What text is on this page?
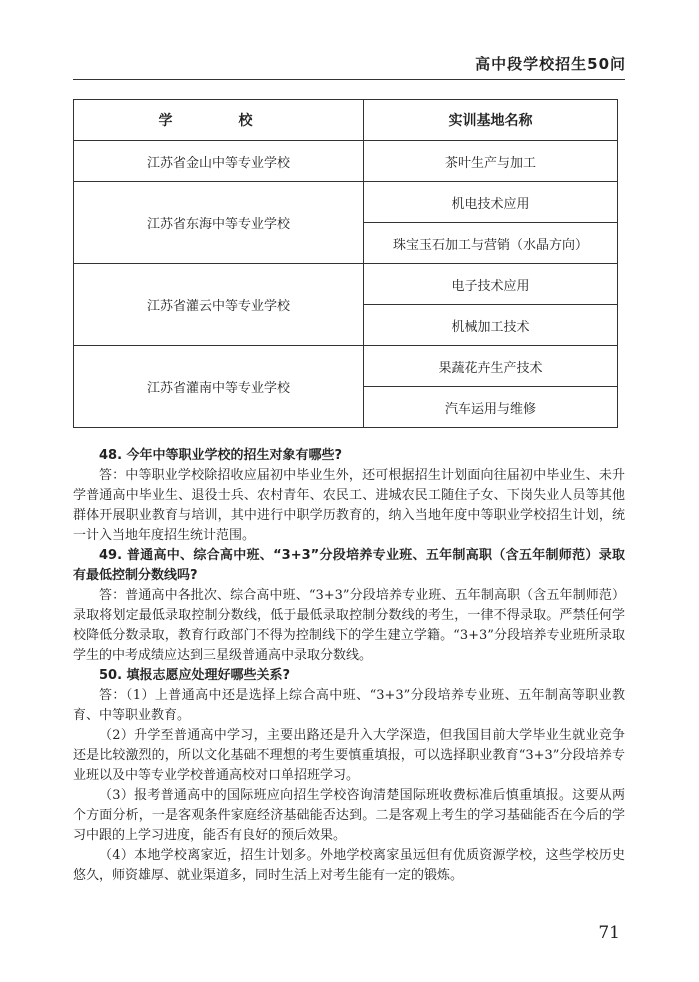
高中段学校招生50问
学　校	实训基地名称
江苏省金山中等专业学校	茶叶生产与加工
江苏省东海中等专业学校	机电技术应用
	珠宝玉石加工与营销（水晶方向）
江苏省灌云中等专业学校	电子技术应用
	机械加工技术
江苏省灌南中等专业学校	果蔬花卉生产技术
	汽车运用与维修

48. 今年中等职业学校的招生对象有哪些?

答：中等职业学校除招收应届初中毕业生外，还可根据招生计划面向往届初中毕业生、未升学普通高中毕业生、退役士兵、农村青年、农民工、进城农民工随住子女、下岗失业人员等其他群体开展职业教育与培训，其中进行中职学历教育的，纳入当地年度中等职业学校招生计划，统一计入当地年度招生统计范围。

49. 普通高中、综合高中班、“3+3”分段培养专业班、五年制高职（含五年制师范）录取有最低控制分数线吗?

答：普通高中各批次、综合高中班、“3+3”分段培养专业班、五年制高职（含五年制师范）录取将划定最低录取控制分数线，低于最低录取控制分数线的考生，一律不得录取。严禁任何学校降低分数录取，教育行政部门不得为控制线下的学生建立学籍。“3+3”分段培养专业班所录取学生的中考成绩应达到三星级普通高中录取分数线。

50. 填报志愿应处理好哪些关系?

答：（1）上普通高中还是选择上综合高中班、“3+3”分段培养专业班、五年制高等职业教育、中等职业教育。

（2）升学至普通高中学习，主要出路还是升入大学深造，但我国目前大学毕业生就业竞争还是比较激烈的，所以文化基础不理想的考生要慎重填报，可以选择职业教育“3+3”分段培养专业班以及中等专业学校普通高校对口单招班学习。

（3）报考普通高中的国际班应向招生学校咨询清楚国际班收费标准后慎重填报。这要从两个方面分析，一是客观条件家庭经济基础能否达到。二是客观上考生的学习基础能否在今后的学习中跟的上学习进度，能否有良好的预后效果。

（4）本地学校离家近，招生计划多。外地学校离家虽远但有优质资源学校，这些学校历史悠久，师资雄厚、就业渠道多，同时生活上对考生能有一定的锻炼。

71
